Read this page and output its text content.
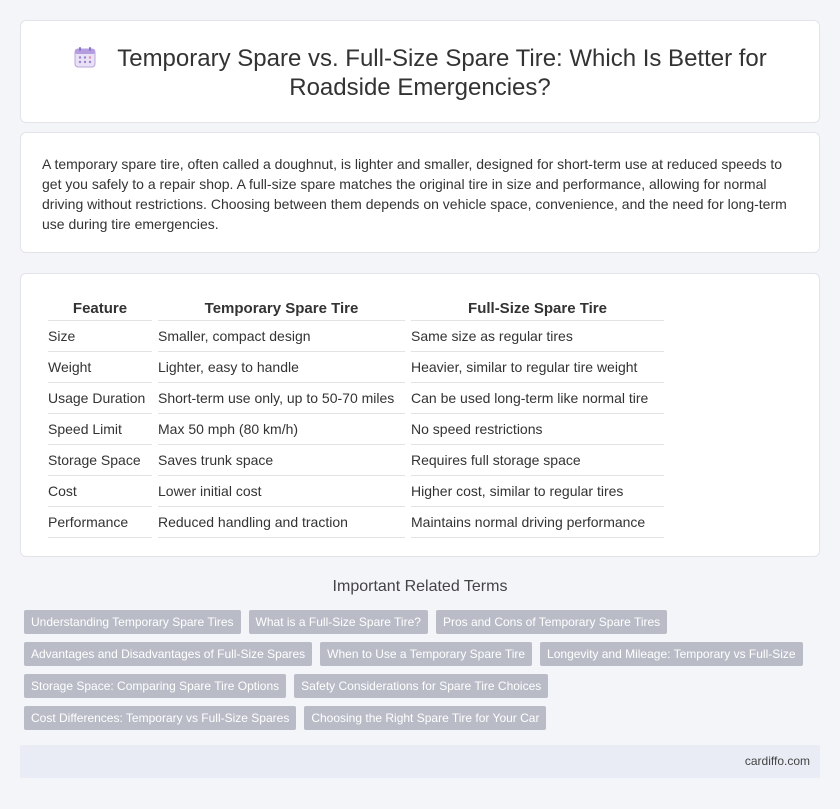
Temporary Spare vs. Full-Size Spare Tire: Which Is Better for
Roadside Emergencies?

A temporary spare tire, often called a doughnut, is lighter and smaller, designed for short-term use at reduced speeds to get you safely to a repair shop. A full-size spare matches the original tire in size and performance, allowing for normal driving without restrictions. Choosing between them depends on vehicle space, convenience, and the need for long-term use during tire emergencies.

Feature	Temporary Spare Tire	Full-Size Spare Tire
Size	Smaller, compact design	Same size as regular tires
Weight	Lighter, easy to handle	Heavier, similar to regular tire weight
Usage Duration	Short-term use only, up to 50-70 miles	Can be used long-term like normal tire
Speed Limit	Max 50 mph (80 km/h)	No speed restrictions
Storage Space	Saves trunk space	Requires full storage space
Cost	Lower initial cost	Higher cost, similar to regular tires
Performance	Reduced handling and traction	Maintains normal driving performance
Important Related Terms
Understanding Temporary Spare Tires	What is a Full-Size Spare Tire?	Pros and Cons of Temporary Spare Tires
Advantages and Disadvantages of Full-Size Spares	When to Use a Temporary Spare Tire	Longevity and Mileage: Temporary vs Full-Size
Storage Space: Comparing Spare Tire Options	Safety Considerations for Spare Tire Choices
Cost Differences: Temporary vs Full-Size Spares	Choosing the Right Spare Tire for Your Car
cardiffo.com
